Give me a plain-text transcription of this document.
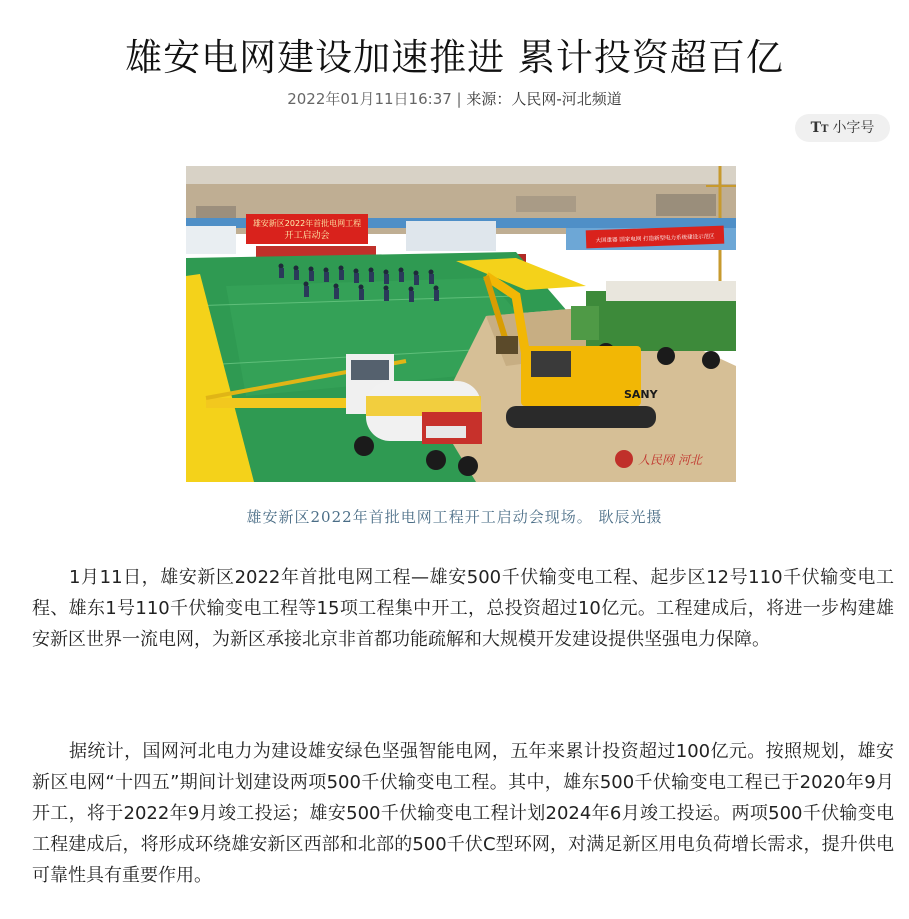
雄安电网建设加速推进 累计投资超百亿
2022年01月11日16:37 | 来源：人民网-河北频道
TT 小字号
雄安新区2022年首批电网工程
开工启动会	大国重器 国家电网 打造新型电力系统建设示范区
SANY
人民网 河北
雄安新区2022年首批电网工程开工启动会现场。 耿辰光摄

1月11日，雄安新区2022年首批电网工程—雄安500千伏输变电工程、起步区12号110千伏输变电工程、雄东1号110千伏输变电工程等15项工程集中开工，总投资超过10亿元。工程建成后，将进一步构建雄安新区世界一流电网，为新区承接北京非首都功能疏解和大规模开发建设提供坚强电力保障。

据统计，国网河北电力为建设雄安绿色坚强智能电网，五年来累计投资超过100亿元。按照规划，雄安新区电网“十四五”期间计划建设两项500千伏输变电工程。其中，雄东500千伏输变电工程已于2020年9月开工，将于2022年9月竣工投运；雄安500千伏输变电工程计划2024年6月竣工投运。两项500千伏输变电工程建成后，将形成环绕雄安新区西部和北部的500千伏C型环网，对满足新区用电负荷增长需求，提升供电可靠性具有重要作用。
